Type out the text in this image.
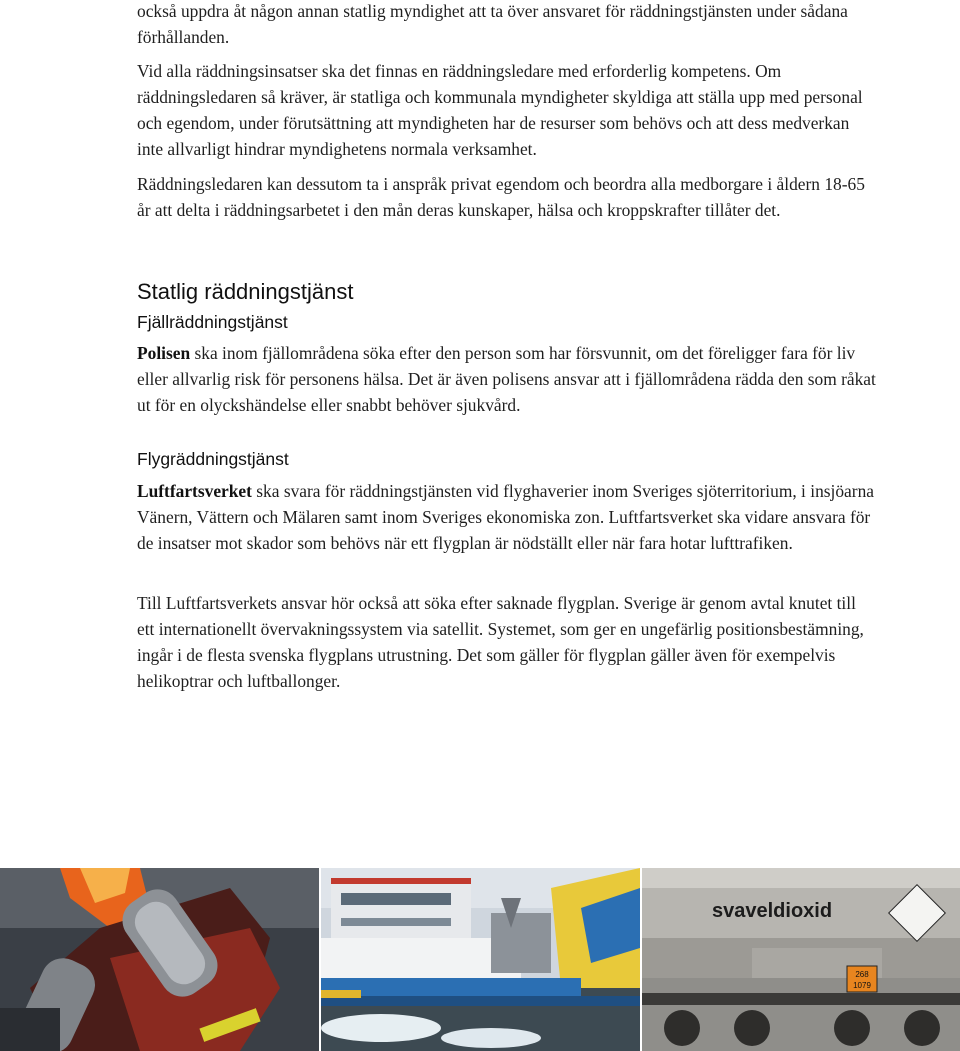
också uppdra åt någon annan statlig myndighet att ta över ansvaret för räddningstjänsten under sådana förhållanden.

Vid alla räddningsinsatser ska det finnas en räddningsledare med erforderlig kompetens. Om räddningsledaren så kräver, är statliga och kommunala myndigheter skyldiga att ställa upp med personal och egendom, under förutsättning att myndigheten har de resurser som behövs och att dess medverkan inte allvarligt hindrar myndighetens normala verksamhet.

Räddningsledaren kan dessutom ta i anspråk privat egendom och beordra alla medborgare i åldern 18-65 år att delta i räddningsarbetet i den mån deras kunskaper, hälsa och kroppskrafter tillåter det.

Statlig räddningstjänst
Fjällräddningstjänst

Polisen ska inom fjällområdena söka efter den person som har försvunnit, om det föreligger fara för liv eller allvarlig risk för personens hälsa. Det är även polisens ansvar att i fjällområdena rädda den som råkat ut för en olyckshändelse eller snabbt behöver sjukvård.

Flygräddningstjänst

Luftfartsverket ska svara för räddningstjänsten vid flyghaverier inom Sveriges sjöterritorium, i insjöarna Vänern, Vättern och Mälaren samt inom Sveriges ekonomiska zon. Luftfartsverket ska vidare ansvara för de insatser mot skador som behövs när ett flygplan är nödställt eller när fara hotar lufttrafiken.

Till Luftfartsverkets ansvar hör också att söka efter saknade flygplan. Sverige är genom avtal knutet till ett internationellt övervakningssystem via satellit. Systemet, som ger en ungefärlig positionsbestämning, ingår i de flesta svenska flygplans utrustning. Det som gäller för flygplan gäller även för exempelvis helikoptrar och luftballonger.

svaveldioxid
268
1079
